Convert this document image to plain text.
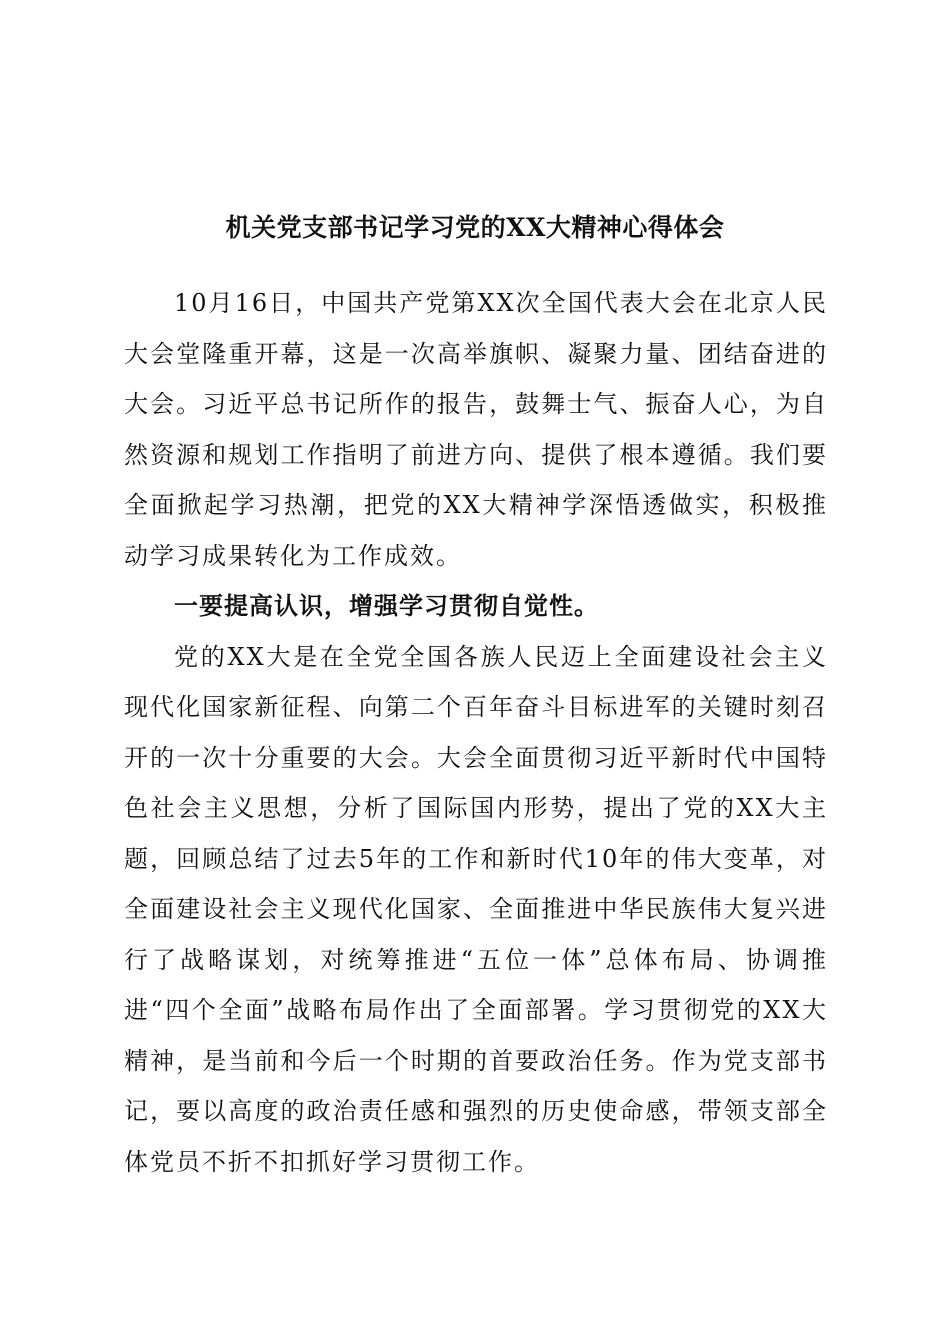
机关党支部书记学习党的XX大精神心得体会

10月16日，中国共产党第XX次全国代表大会在北京人民大会堂隆重开幕，这是一次高举旗帜、凝聚力量、团结奋进的大会。习近平总书记所作的报告，鼓舞士气、振奋人心，为自然资源和规划工作指明了前进方向、提供了根本遵循。我们要全面掀起学习热潮，把党的XX大精神学深悟透做实，积极推动学习成果转化为工作成效。

一要提高认识，增强学习贯彻自觉性。

党的XX大是在全党全国各族人民迈上全面建设社会主义现代化国家新征程、向第二个百年奋斗目标进军的关键时刻召开的一次十分重要的大会。大会全面贯彻习近平新时代中国特色社会主义思想，分析了国际国内形势，提出了党的XX大主题，回顾总结了过去5年的工作和新时代10年的伟大变革，对全面建设社会主义现代化国家、全面推进中华民族伟大复兴进行了战略谋划，对统筹推进“五位一体”总体布局、协调推进“四个全面”战略布局作出了全面部署。学习贯彻党的XX大精神，是当前和今后一个时期的首要政治任务。作为党支部书记，要以高度的政治责任感和强烈的历史使命感，带领支部全体党员不折不扣抓好学习贯彻工作。
